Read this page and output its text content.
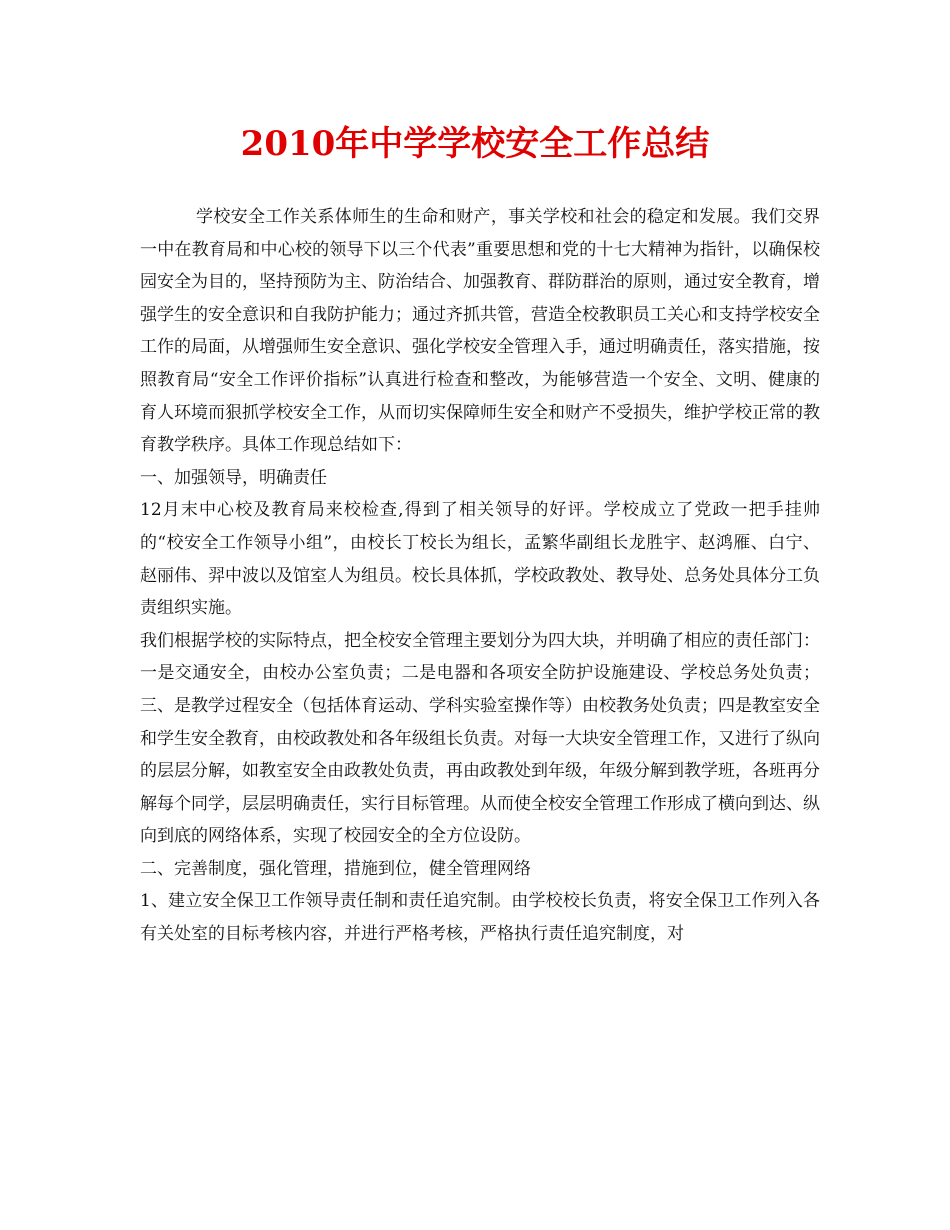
2010年中学学校安全工作总结

学校安全工作关系体师生的生命和财产，事关学校和社会的稳定和发展。我们交界一中在教育局和中心校的领导下以三个代表”重要思想和党的十七大精神为指针，以确保校园安全为目的，坚持预防为主、防治结合、加强教育、群防群治的原则，通过安全教育，增强学生的安全意识和自我防护能力；通过齐抓共管，营造全校教职员工关心和支持学校安全工作的局面，从增强师生安全意识、强化学校安全管理入手，通过明确责任，落实措施，按照教育局“安全工作评价指标”认真进行检查和整改，为能够营造一个安全、文明、健康的育人环境而狠抓学校安全工作，从而切实保障师生安全和财产不受损失，维护学校正常的教育教学秩序。具体工作现总结如下：

一、加强领导，明确责任

12月末中心校及教育局来校检查,得到了相关领导的好评。学校成立了党政一把手挂帅的“校安全工作领导小组”，由校长丁校长为组长，孟繁华副组长龙胜宇、赵鸿雁、白宁、赵丽伟、羿中波以及馆室人为组员。校长具体抓，学校政教处、教导处、总务处具体分工负责组织实施。

我们根据学校的实际特点，把全校安全管理主要划分为四大块，并明确了相应的责任部门：一是交通安全，由校办公室负责；二是电器和各项安全防护设施建设、学校总务处负责；三、是教学过程安全（包括体育运动、学科实验室操作等）由校教务处负责；四是教室安全和学生安全教育，由校政教处和各年级组长负责。对每一大块安全管理工作，又进行了纵向的层层分解，如教室安全由政教处负责，再由政教处到年级，年级分解到教学班，各班再分解每个同学，层层明确责任，实行目标管理。从而使全校安全管理工作形成了横向到达、纵向到底的网络体系，实现了校园安全的全方位设防。

二、完善制度，强化管理，措施到位，健全管理网络

1、建立安全保卫工作领导责任制和责任追究制。由学校校长负责，将安全保卫工作列入各有关处室的目标考核内容，并进行严格考核，严格执行责任追究制度，对
